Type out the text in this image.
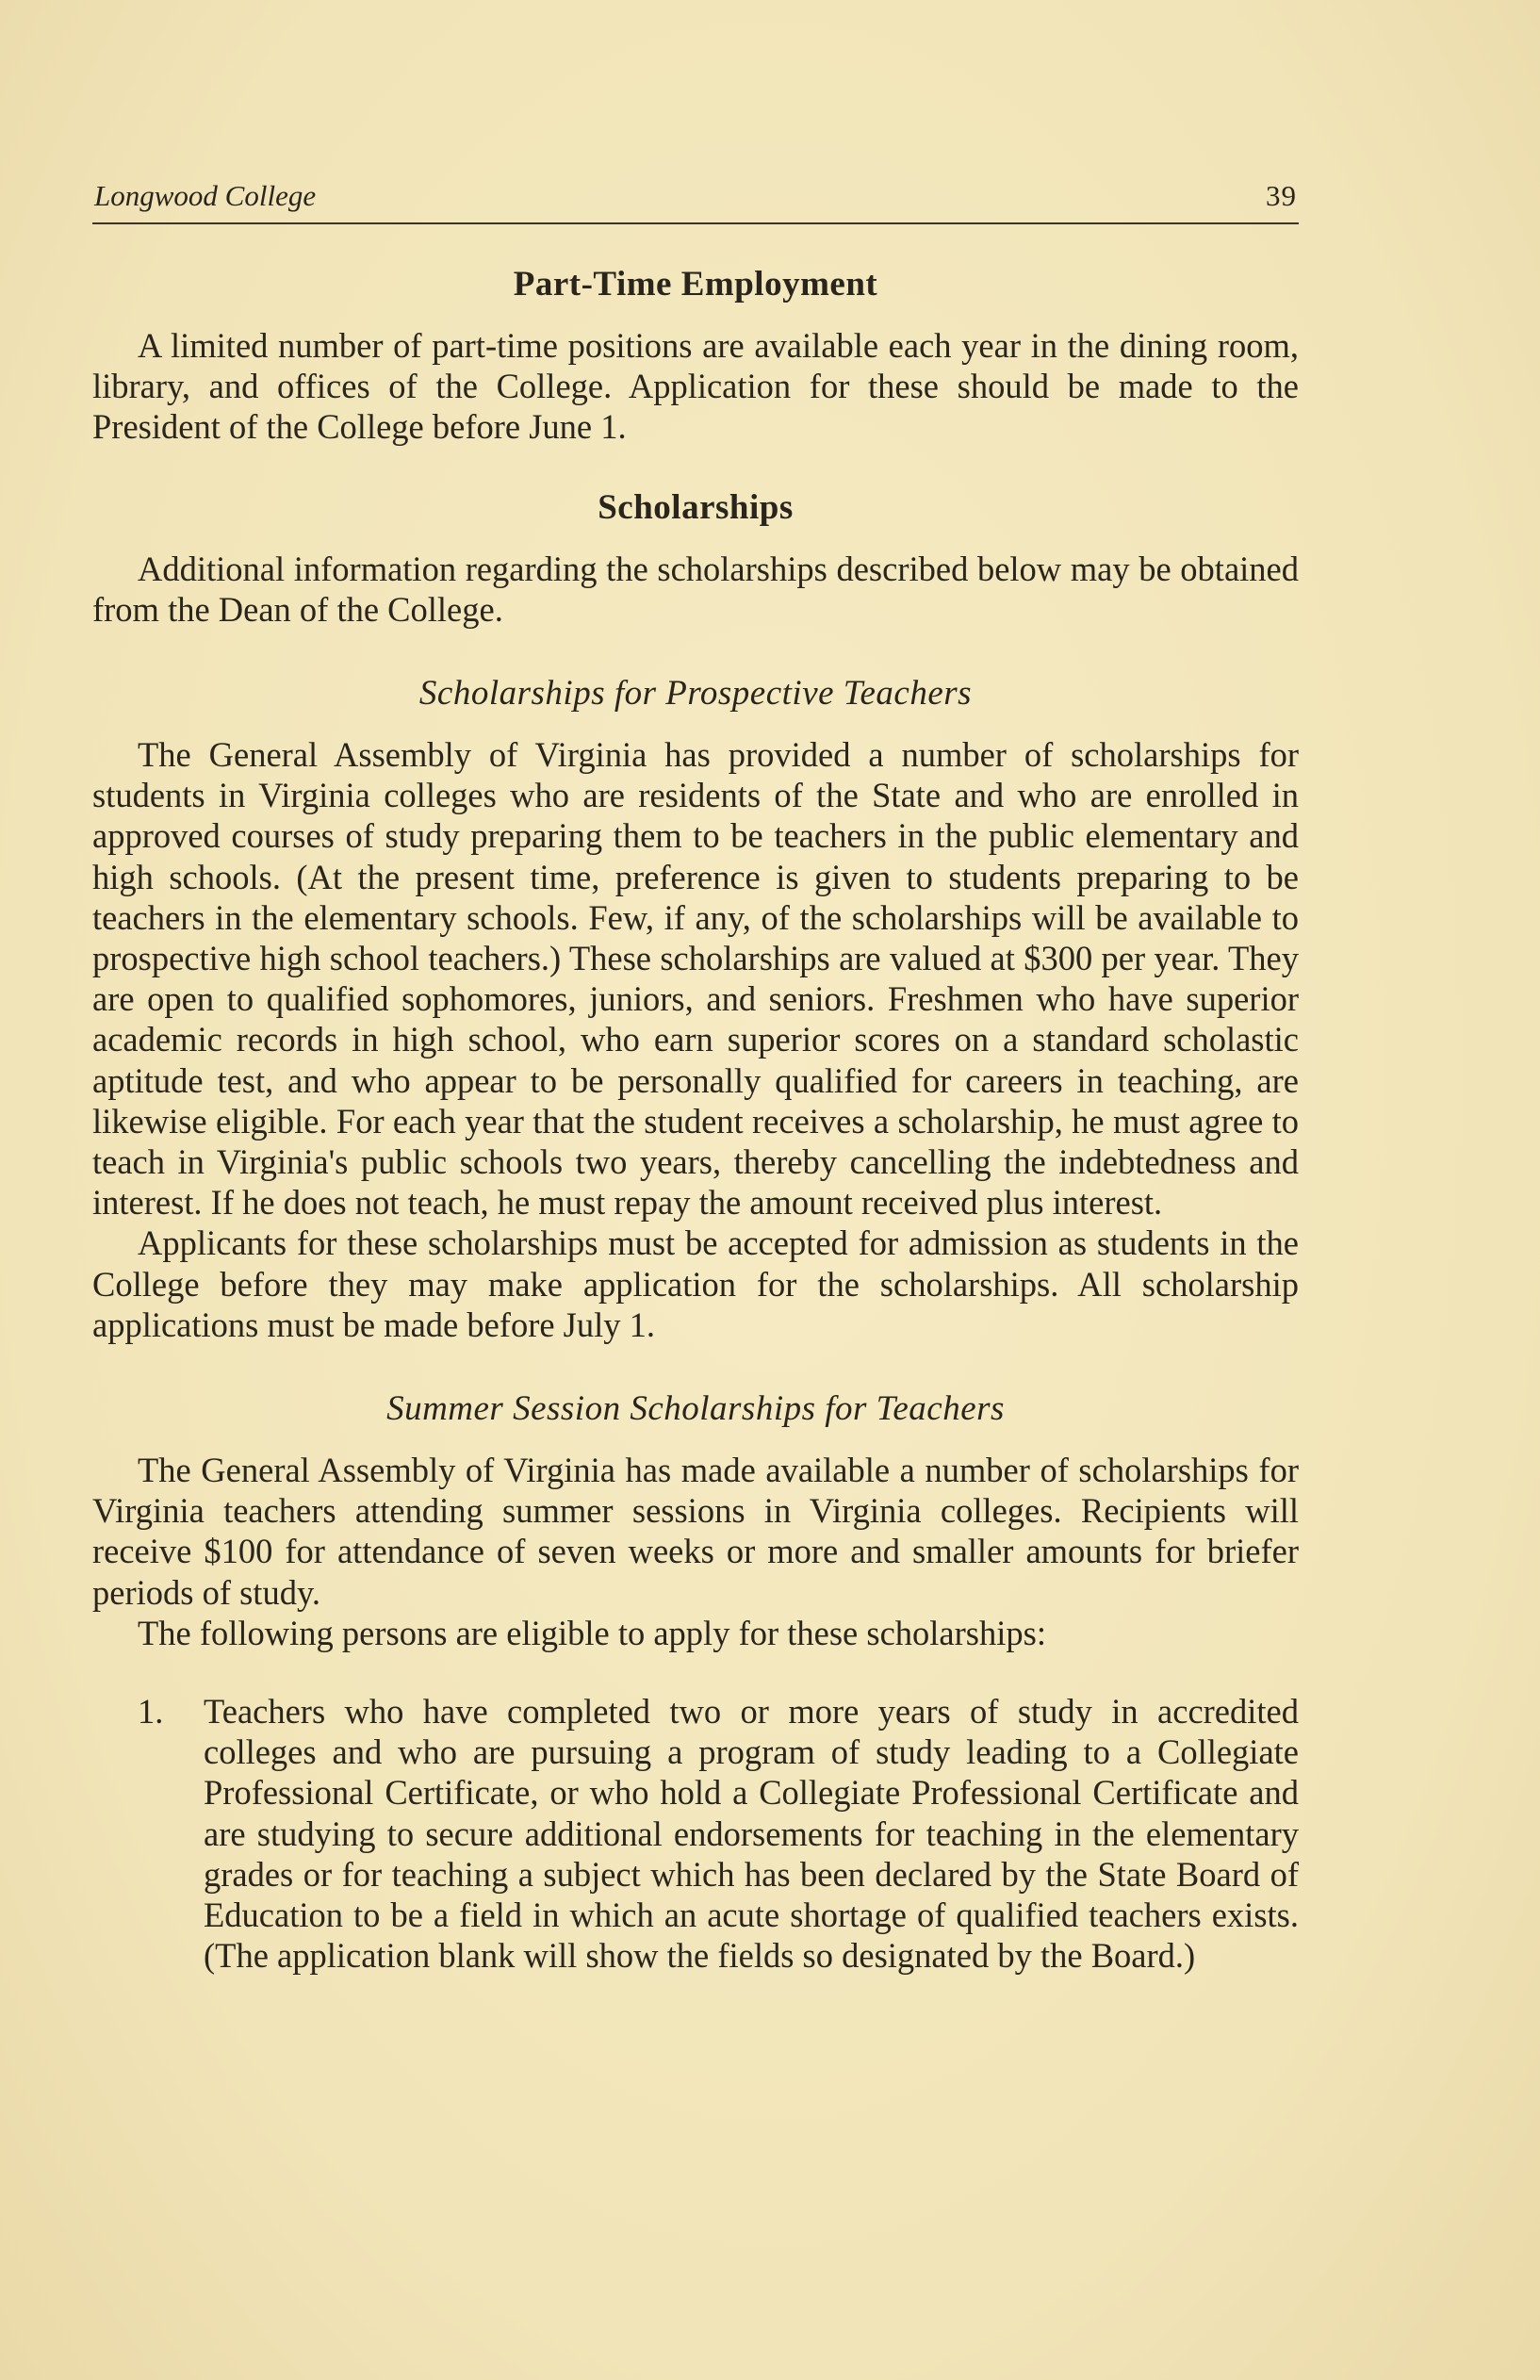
Longwood College	39
Part-Time Employment

A limited number of part-time positions are available each year in the dining room, library, and offices of the College. Application for these should be made to the President of the College before June 1.

Scholarships

Additional information regarding the scholarships described below may be obtained from the Dean of the College.

Scholarships for Prospective Teachers

The General Assembly of Virginia has provided a number of scholarships for students in Virginia colleges who are residents of the State and who are enrolled in approved courses of study preparing them to be teachers in the public elementary and high schools. (At the present time, preference is given to students preparing to be teachers in the elementary schools. Few, if any, of the scholarships will be available to prospective high school teachers.) These scholarships are valued at $300 per year. They are open to qualified sophomores, juniors, and seniors. Freshmen who have superior academic records in high school, who earn superior scores on a standard scholastic aptitude test, and who appear to be personally qualified for careers in teaching, are likewise eligible. For each year that the student receives a scholarship, he must agree to teach in Virginia's public schools two years, thereby cancelling the indebtedness and interest. If he does not teach, he must repay the amount received plus interest.

Applicants for these scholarships must be accepted for admission as students in the College before they may make application for the scholarships. All scholarship applications must be made before July 1.

Summer Session Scholarships for Teachers

The General Assembly of Virginia has made available a number of scholarships for Virginia teachers attending summer sessions in Virginia colleges. Recipients will receive $100 for attendance of seven weeks or more and smaller amounts for briefer periods of study.

The following persons are eligible to apply for these scholarships:

1.	Teachers who have completed two or more years of study in accredited colleges and who are pursuing a program of study leading to a Collegiate Professional Certificate, or who hold a Collegiate Professional Certificate and are studying to secure additional endorsements for teaching in the elementary grades or for teaching a subject which has been declared by the State Board of Education to be a field in which an acute shortage of qualified teachers exists. (The application blank will show the fields so designated by the Board.)
